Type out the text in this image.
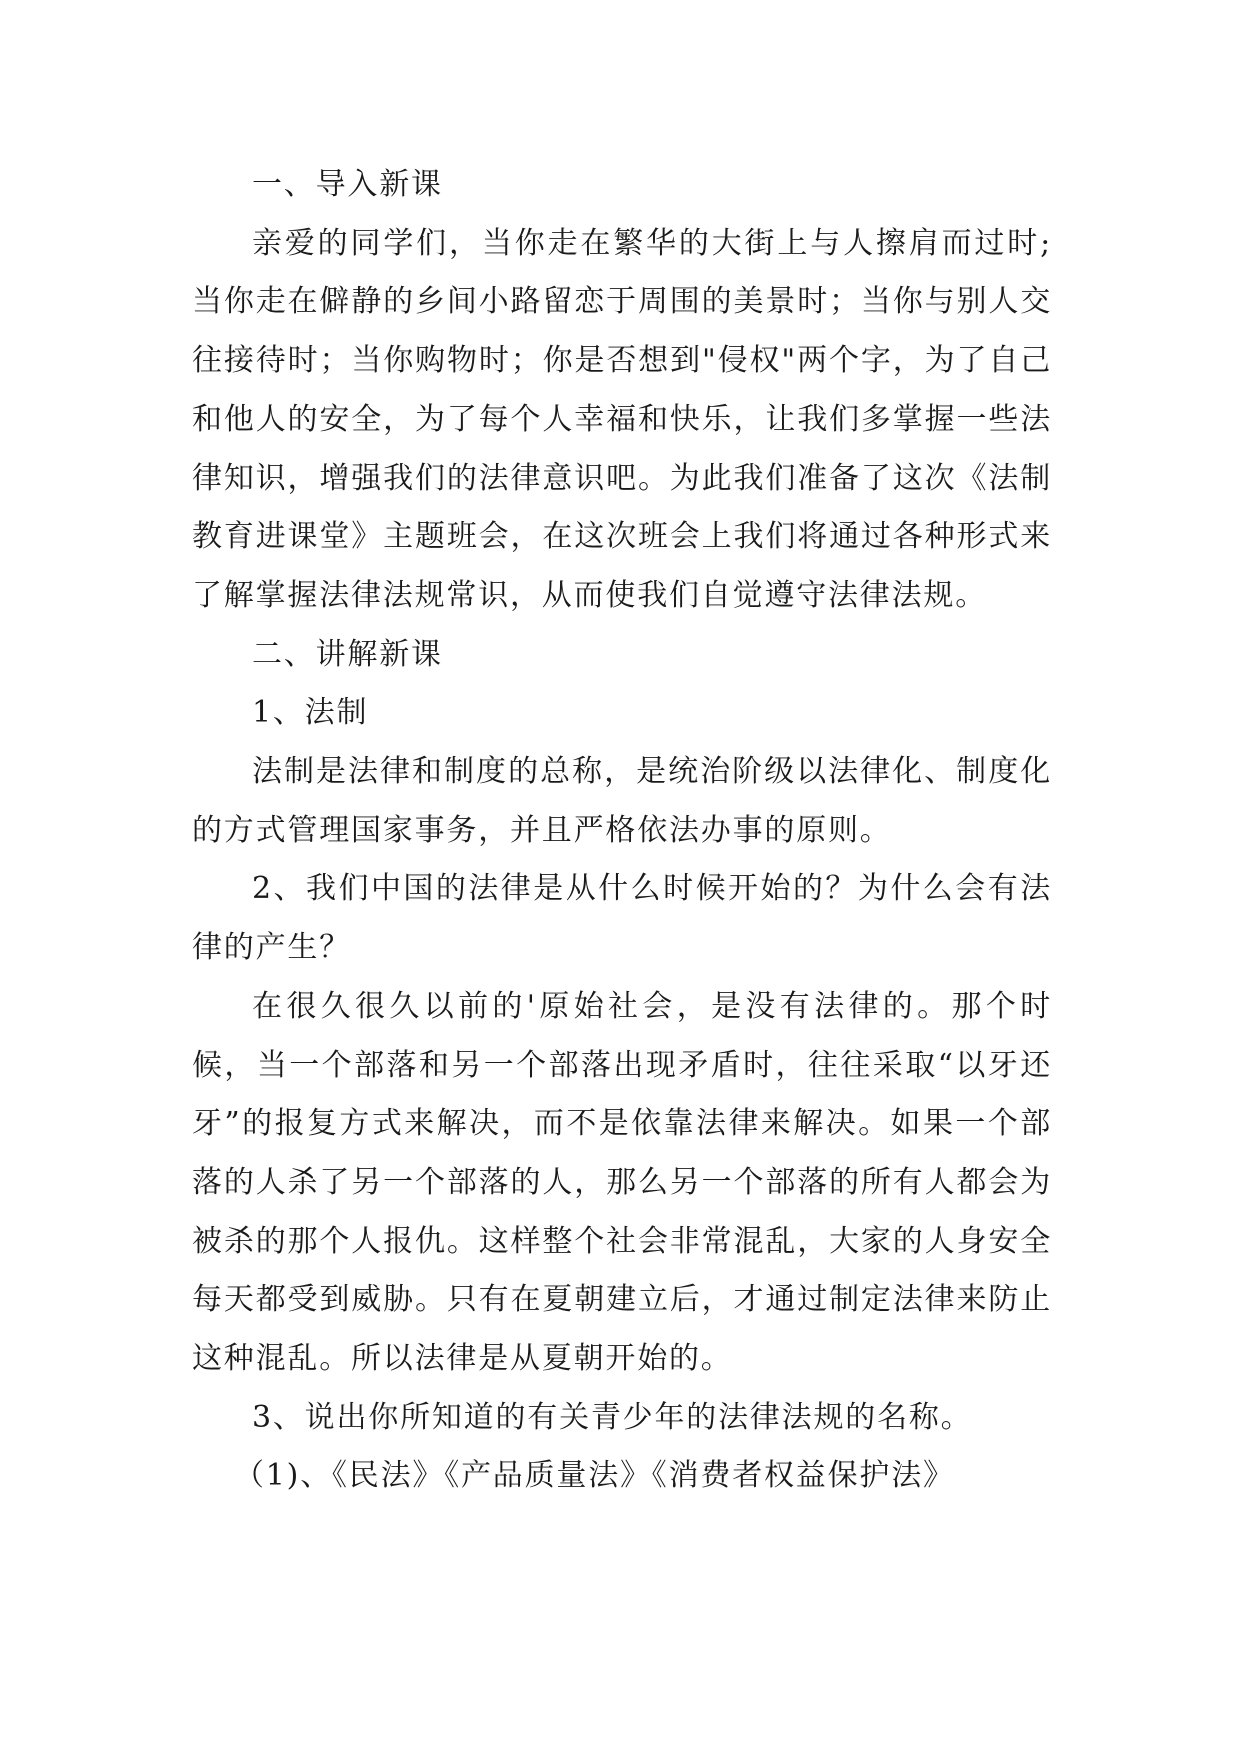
一、导入新课

亲爱的同学们，当你走在繁华的大街上与人擦肩而过时;当你走在僻静的乡间小路留恋于周围的美景时；当你与别人交往接待时；当你购物时；你是否想到"侵权"两个字，为了自己和他人的安全，为了每个人幸福和快乐，让我们多掌握一些法律知识，增强我们的法律意识吧。为此我们准备了这次《法制教育进课堂》主题班会，在这次班会上我们将通过各种形式来了解掌握法律法规常识，从而使我们自觉遵守法律法规。

二、讲解新课

1、法制

法制是法律和制度的总称，是统治阶级以法律化、制度化的方式管理国家事务，并且严格依法办事的原则。

2、我们中国的法律是从什么时候开始的？为什么会有法律的产生？

在很久很久以前的'原始社会，是没有法律的。那个时候，当一个部落和另一个部落出现矛盾时，往往采取“以牙还牙”的报复方式来解决，而不是依靠法律来解决。如果一个部落的人杀了另一个部落的人，那么另一个部落的所有人都会为被杀的那个人报仇。这样整个社会非常混乱，大家的人身安全每天都受到威胁。只有在夏朝建立后，才通过制定法律来防止这种混乱。所以法律是从夏朝开始的。

3、说出你所知道的有关青少年的法律法规的名称。

（1)、《民法》《产品质量法》《消费者权益保护法》
